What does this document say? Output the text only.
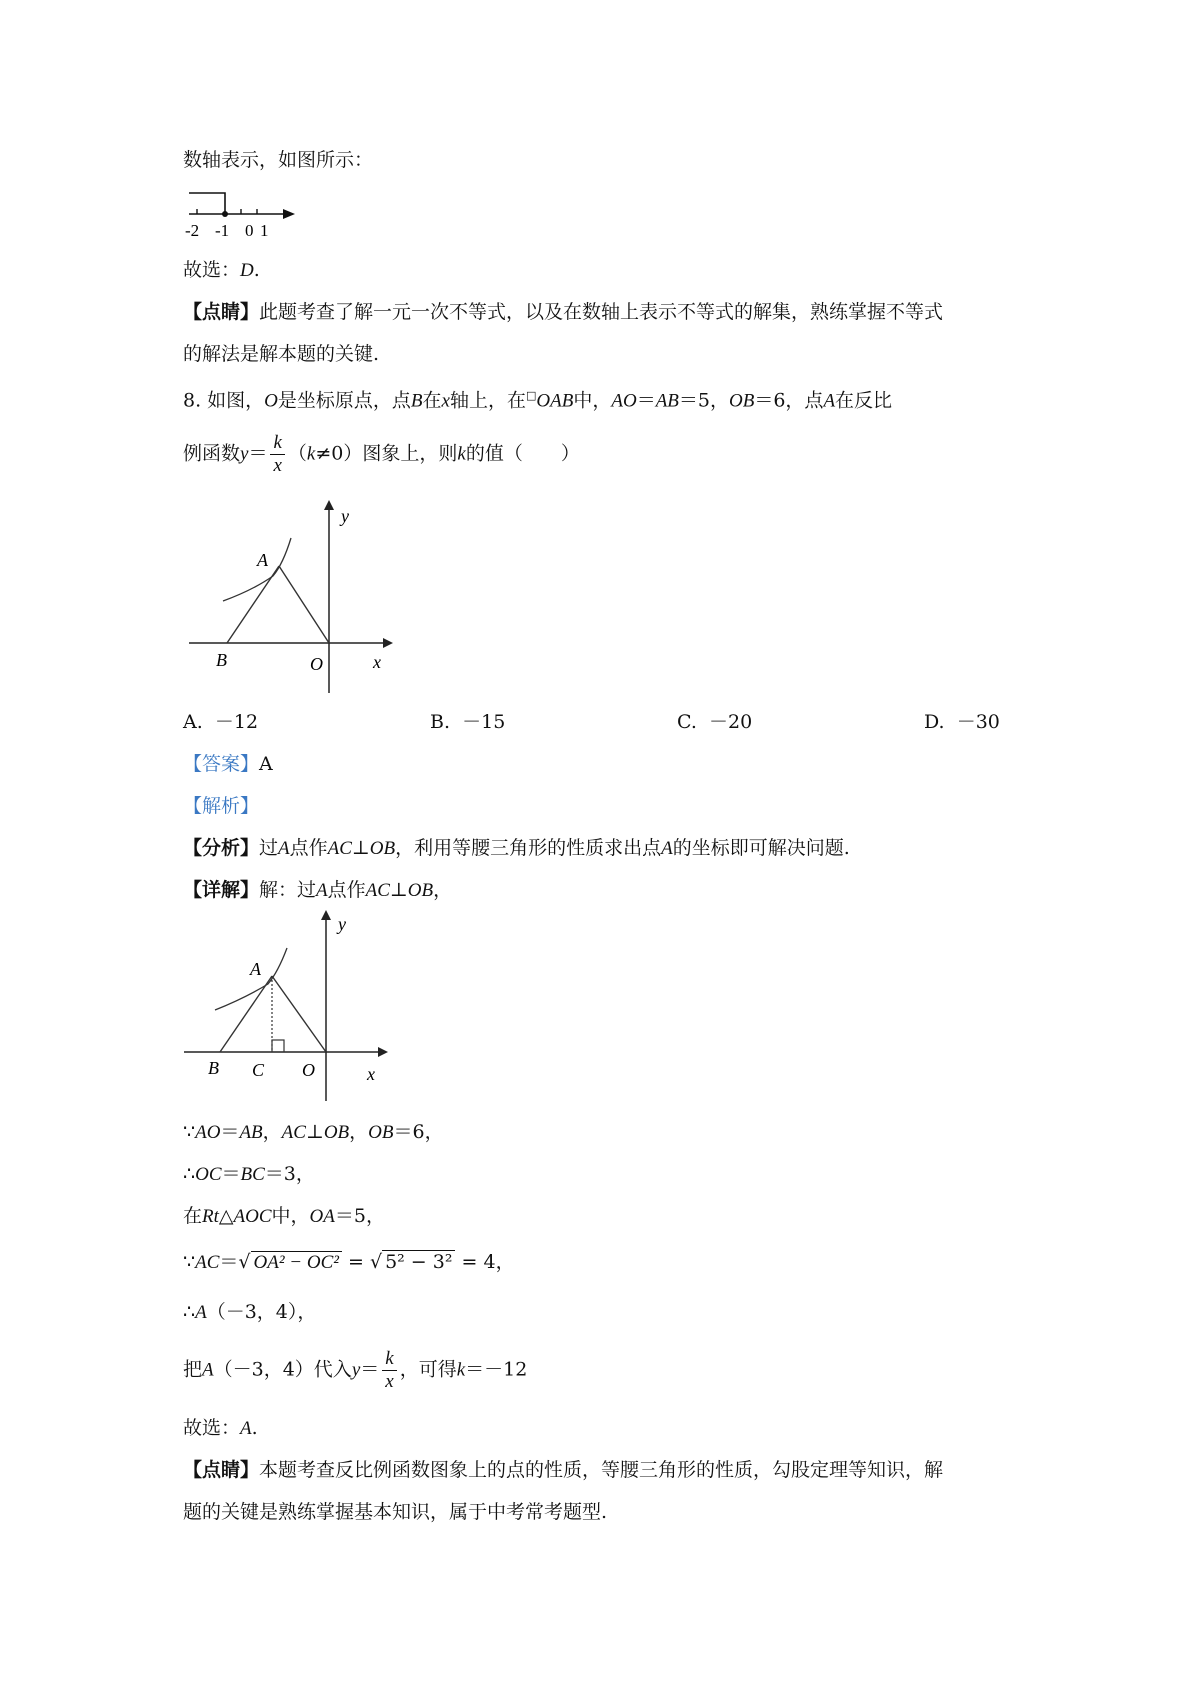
数轴表示，如图所示：
-2 -1 0 1
故选：D.
【点睛】此题考查了解一元一次不等式，以及在数轴上表示不等式的解集，熟练掌握不等式
的解法是解本题的关键.
8. 如图，O是坐标原点，点B在x轴上，在□OAB中，AO＝AB＝5，OB＝6，点A在反比
例函数$y= \frac{k}{x} (k\ne 0)$图象上，则k的值（　　）
A
B	O	x
y
A. －12	B. －15	C. －20	D. －30
【答案】A
【解析】
【分析】过A点作AC⊥OB，利用等腰三角形的性质求出点A的坐标即可解决问题.
【详解】解：过A点作AC⊥OB，
A
B C O	x
y
∵AO＝AB，AC⊥OB，OB＝6，
∴OC＝BC＝3，
在Rt△AOC中，OA＝5，
∵AC＝√ OA² − OC² = √ 5² − 3² = 4，
∴A（－3，4），
把A（－3，4）代入$y= \frac{k}{x}$ ，可得k＝－12
故选：A.
【点睛】本题考查反比例函数图象上的点的性质，等腰三角形的性质，勾股定理等知识，解
题的关键是熟练掌握基本知识，属于中考常考题型.
